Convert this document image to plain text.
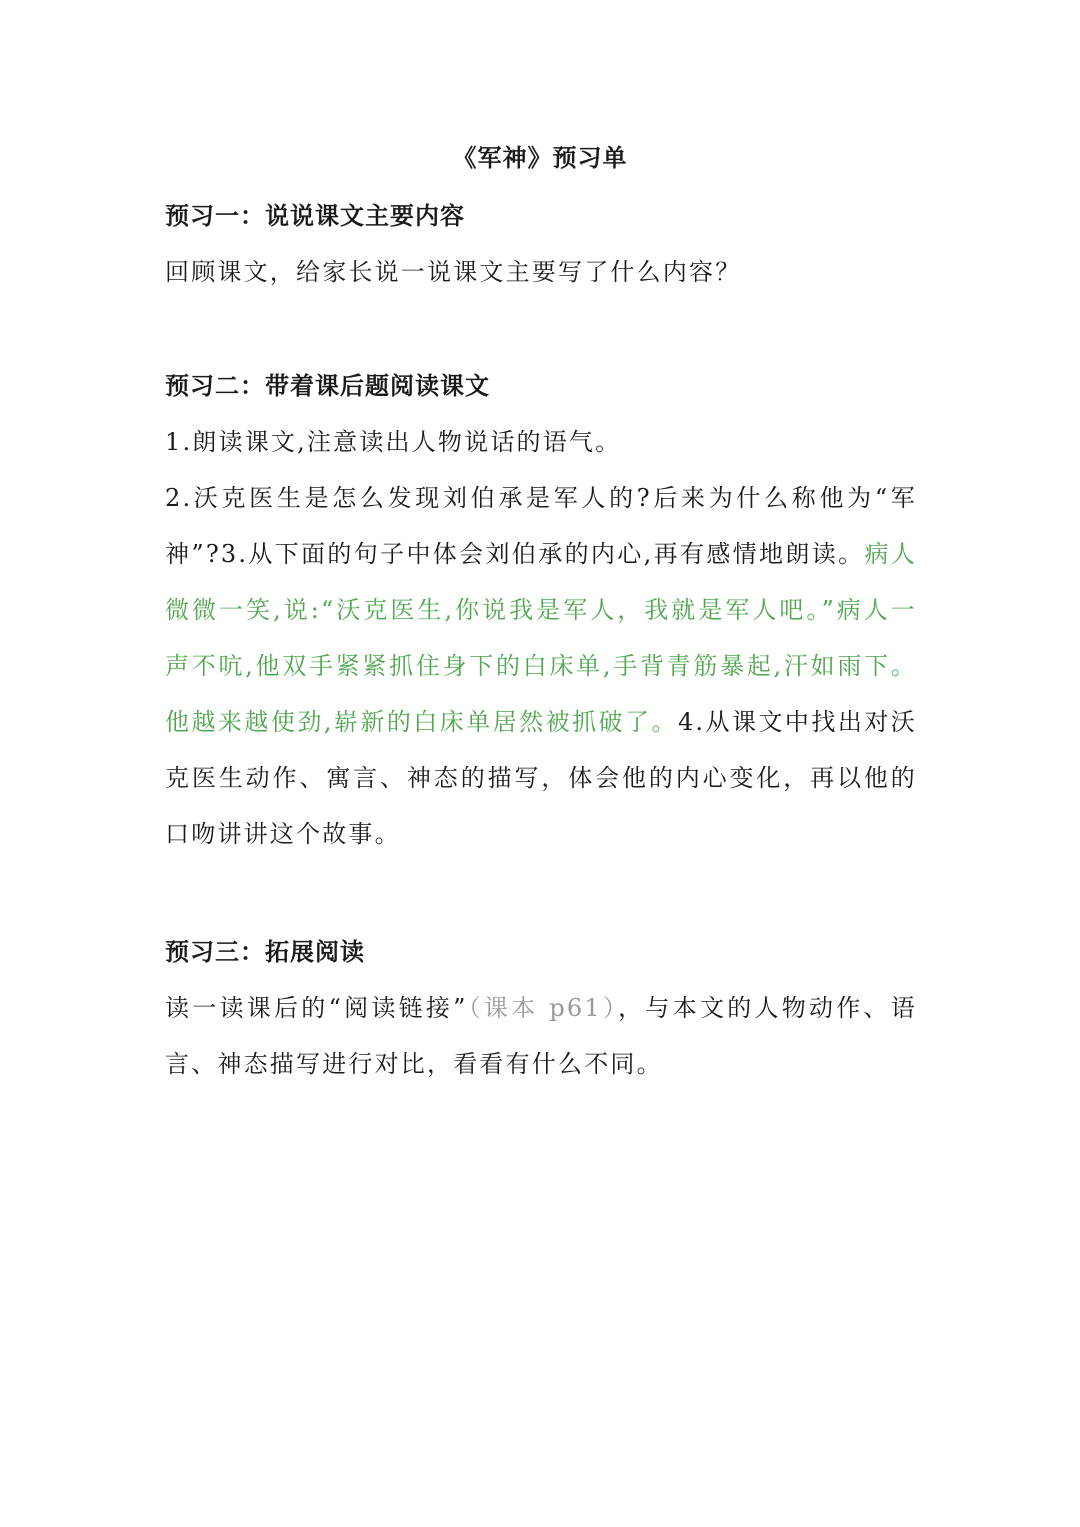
《军神》预习单
预习一：说说课文主要内容
回顾课文，给家长说一说课文主要写了什么内容？
预习二：带着课后题阅读课文
1.朗读课文,注意读出人物说话的语气。
2.沃克医生是怎么发现刘伯承是军人的?后来为什么称他为“军神”?3.从下面的句子中体会刘伯承的内心,再有感情地朗读。病人微微一笑,说:“沃克医生,你说我是军人，我就是军人吧。”病人一声不吭,他双手紧紧抓住身下的白床单,手背青筋暴起,汗如雨下。他越来越使劲,崭新的白床单居然被抓破了。4.从课文中找出对沃克医生动作、寓言、神态的描写，体会他的内心变化，再以他的口吻讲讲这个故事。
预习三：拓展阅读
读一读课后的“阅读链接”（课本 p61），与本文的人物动作、语言、神态描写进行对比，看看有什么不同。
